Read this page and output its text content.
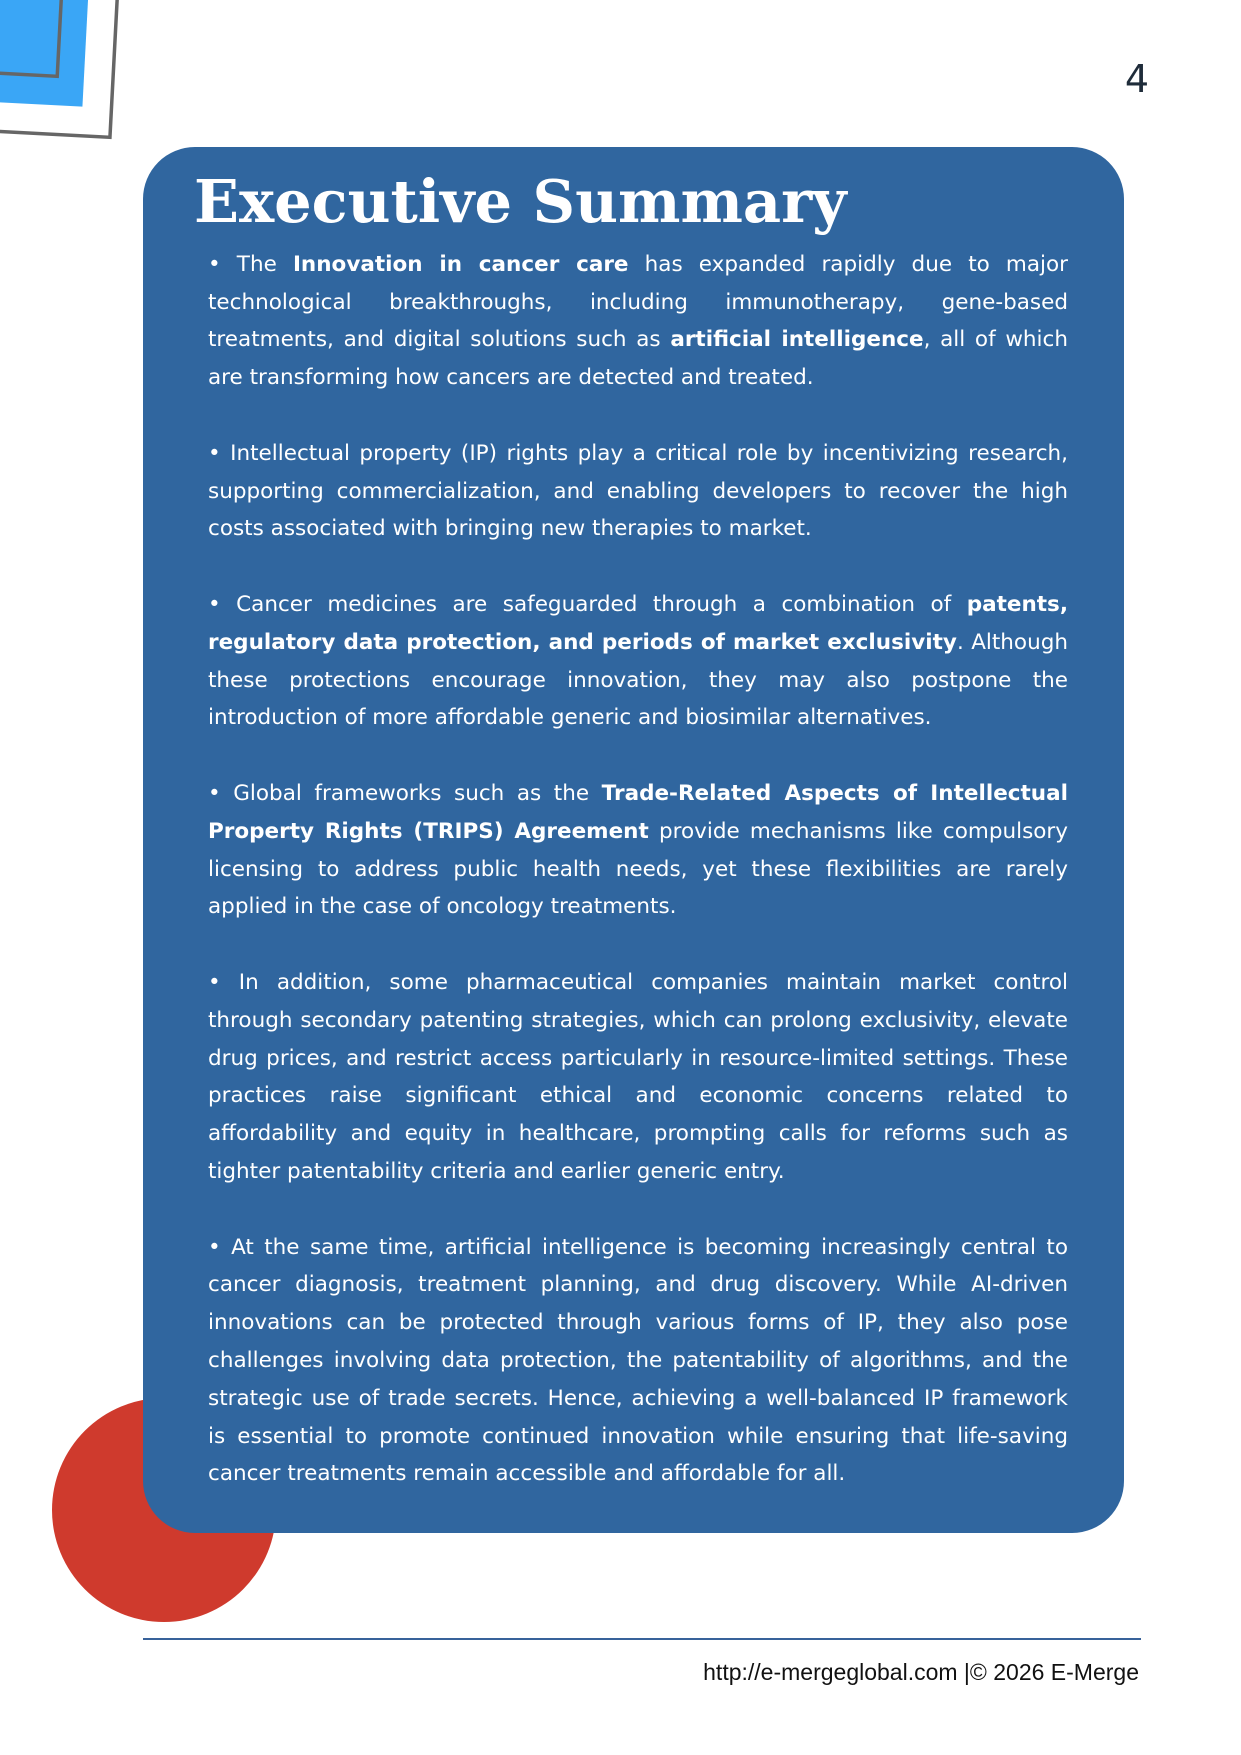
4
Executive Summary

• The Innovation in cancer care has expanded rapidly due to major technological breakthroughs, including immunotherapy, gene-based treatments, and digital solutions such as artificial intelligence, all of which are transforming how cancers are detected and treated.

• Intellectual property (IP) rights play a critical role by incentivizing research, supporting commercialization, and enabling developers to recover the high costs associated with bringing new therapies to market.

• Cancer medicines are safeguarded through a combination of patents, regulatory data protection, and periods of market exclusivity. Although these protections encourage innovation, they may also postpone the introduction of more affordable generic and biosimilar alternatives.

• Global frameworks such as the Trade-Related Aspects of Intellectual Property Rights (TRIPS) Agreement provide mechanisms like compulsory licensing to address public health needs, yet these flexibilities are rarely applied in the case of oncology treatments.

• In addition, some pharmaceutical companies maintain market control through secondary patenting strategies, which can prolong exclusivity, elevate drug prices, and restrict access particularly in resource-limited settings. These practices raise significant ethical and economic concerns related to affordability and equity in healthcare, prompting calls for reforms such as tighter patentability criteria and earlier generic entry.

• At the same time, artificial intelligence is becoming increasingly central to cancer diagnosis, treatment planning, and drug discovery. While AI-driven innovations can be protected through various forms of IP, they also pose challenges involving data protection, the patentability of algorithms, and the strategic use of trade secrets. Hence, achieving a well-balanced IP framework is essential to promote continued innovation while ensuring that life-saving cancer treatments remain accessible and affordable for all.

http://e-mergeglobal.com |© 2026 E-Merge
